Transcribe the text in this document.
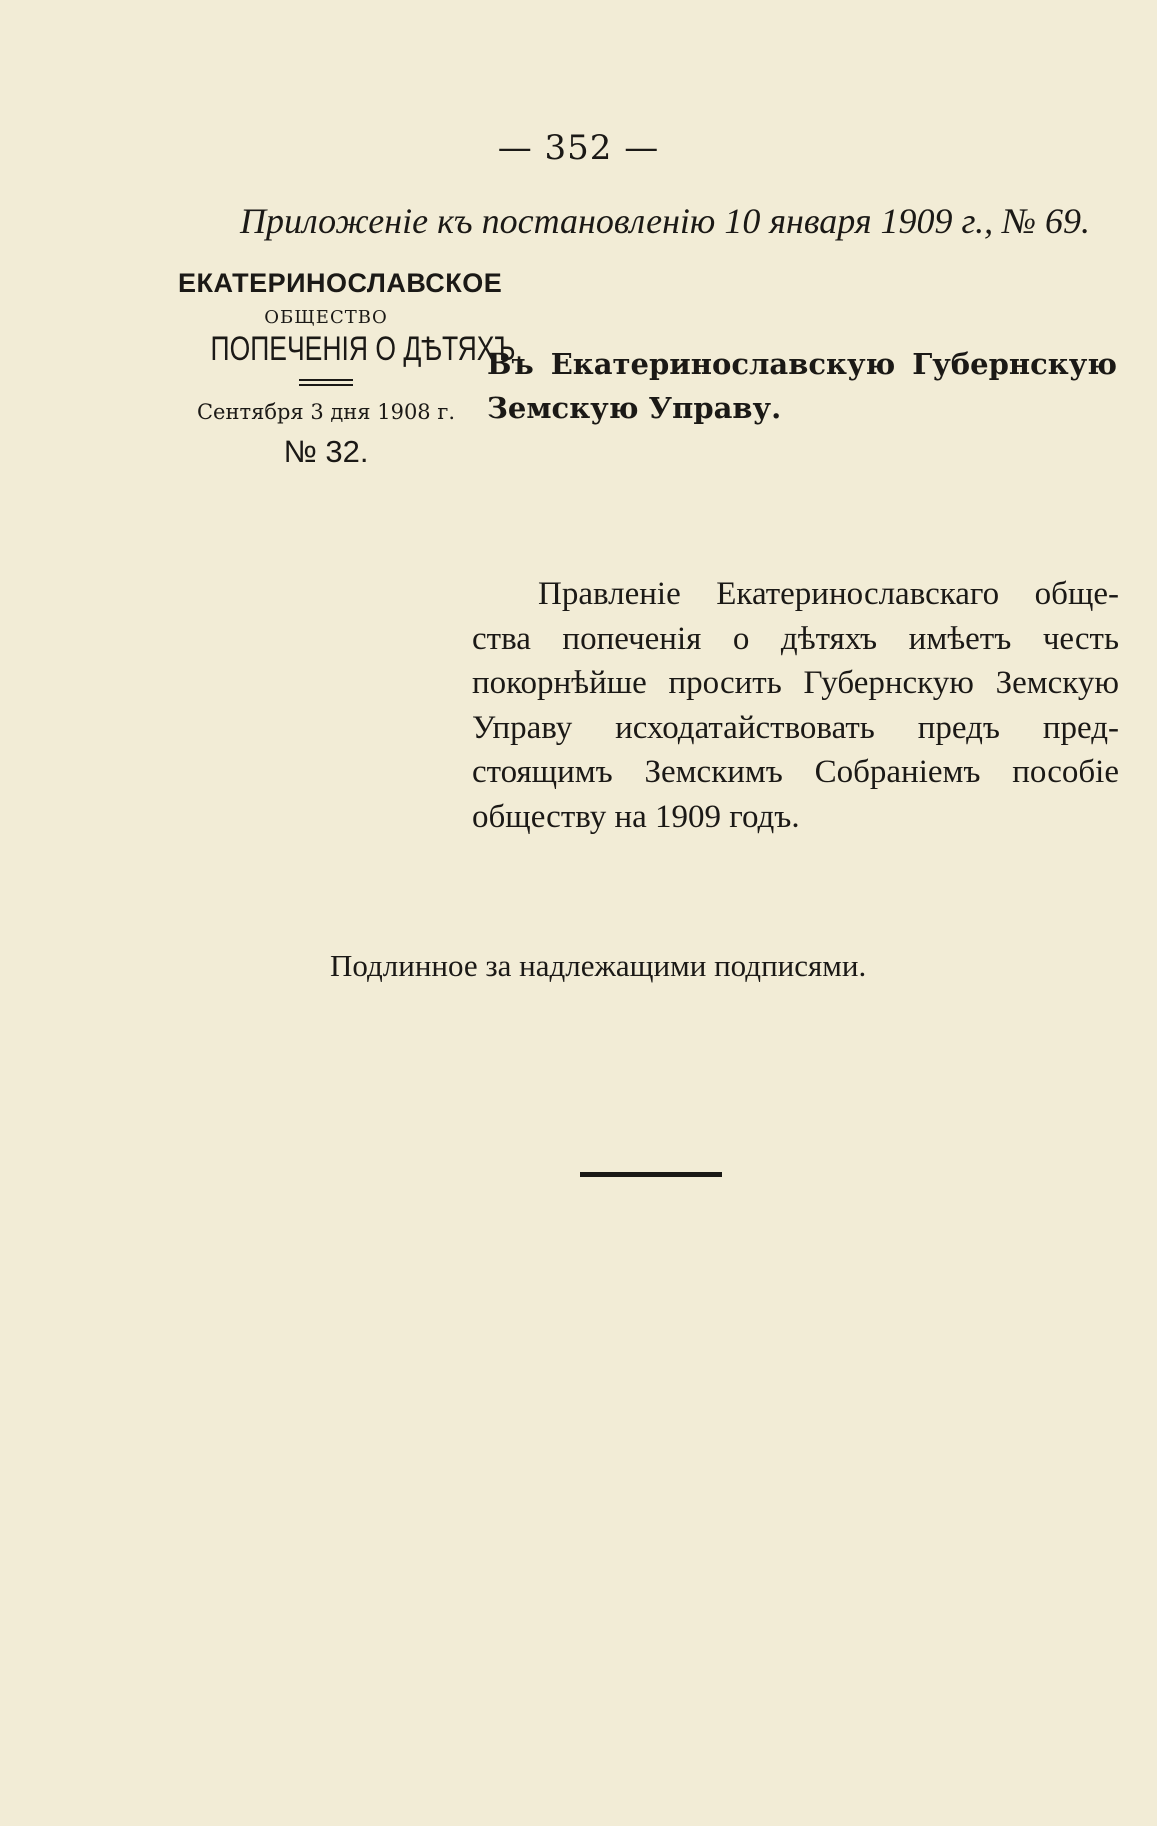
— 352 —
Приложеніе къ постановленію 10 января 1909 г., № 69.
ЕКАТЕРИНОСЛАВСКОЕ
ОБЩЕСТВО
ПОПЕЧЕНІЯ О ДѢТЯХЪ.
Сентября 3 дня 1908 г.
№ 32.
Въ Екатеринославскую Губернскую
Земскую Управу.
Правленіе Екатеринославскаго обще-
ства попеченія о дѣтяхъ имѣетъ честь
покорнѣйше просить Губернскую Земскую
Управу исходатайствовать предъ пред-
стоящимъ Земскимъ Собраніемъ пособіе
обществу на 1909 годъ.
Подлинное за надлежащими подписями.
